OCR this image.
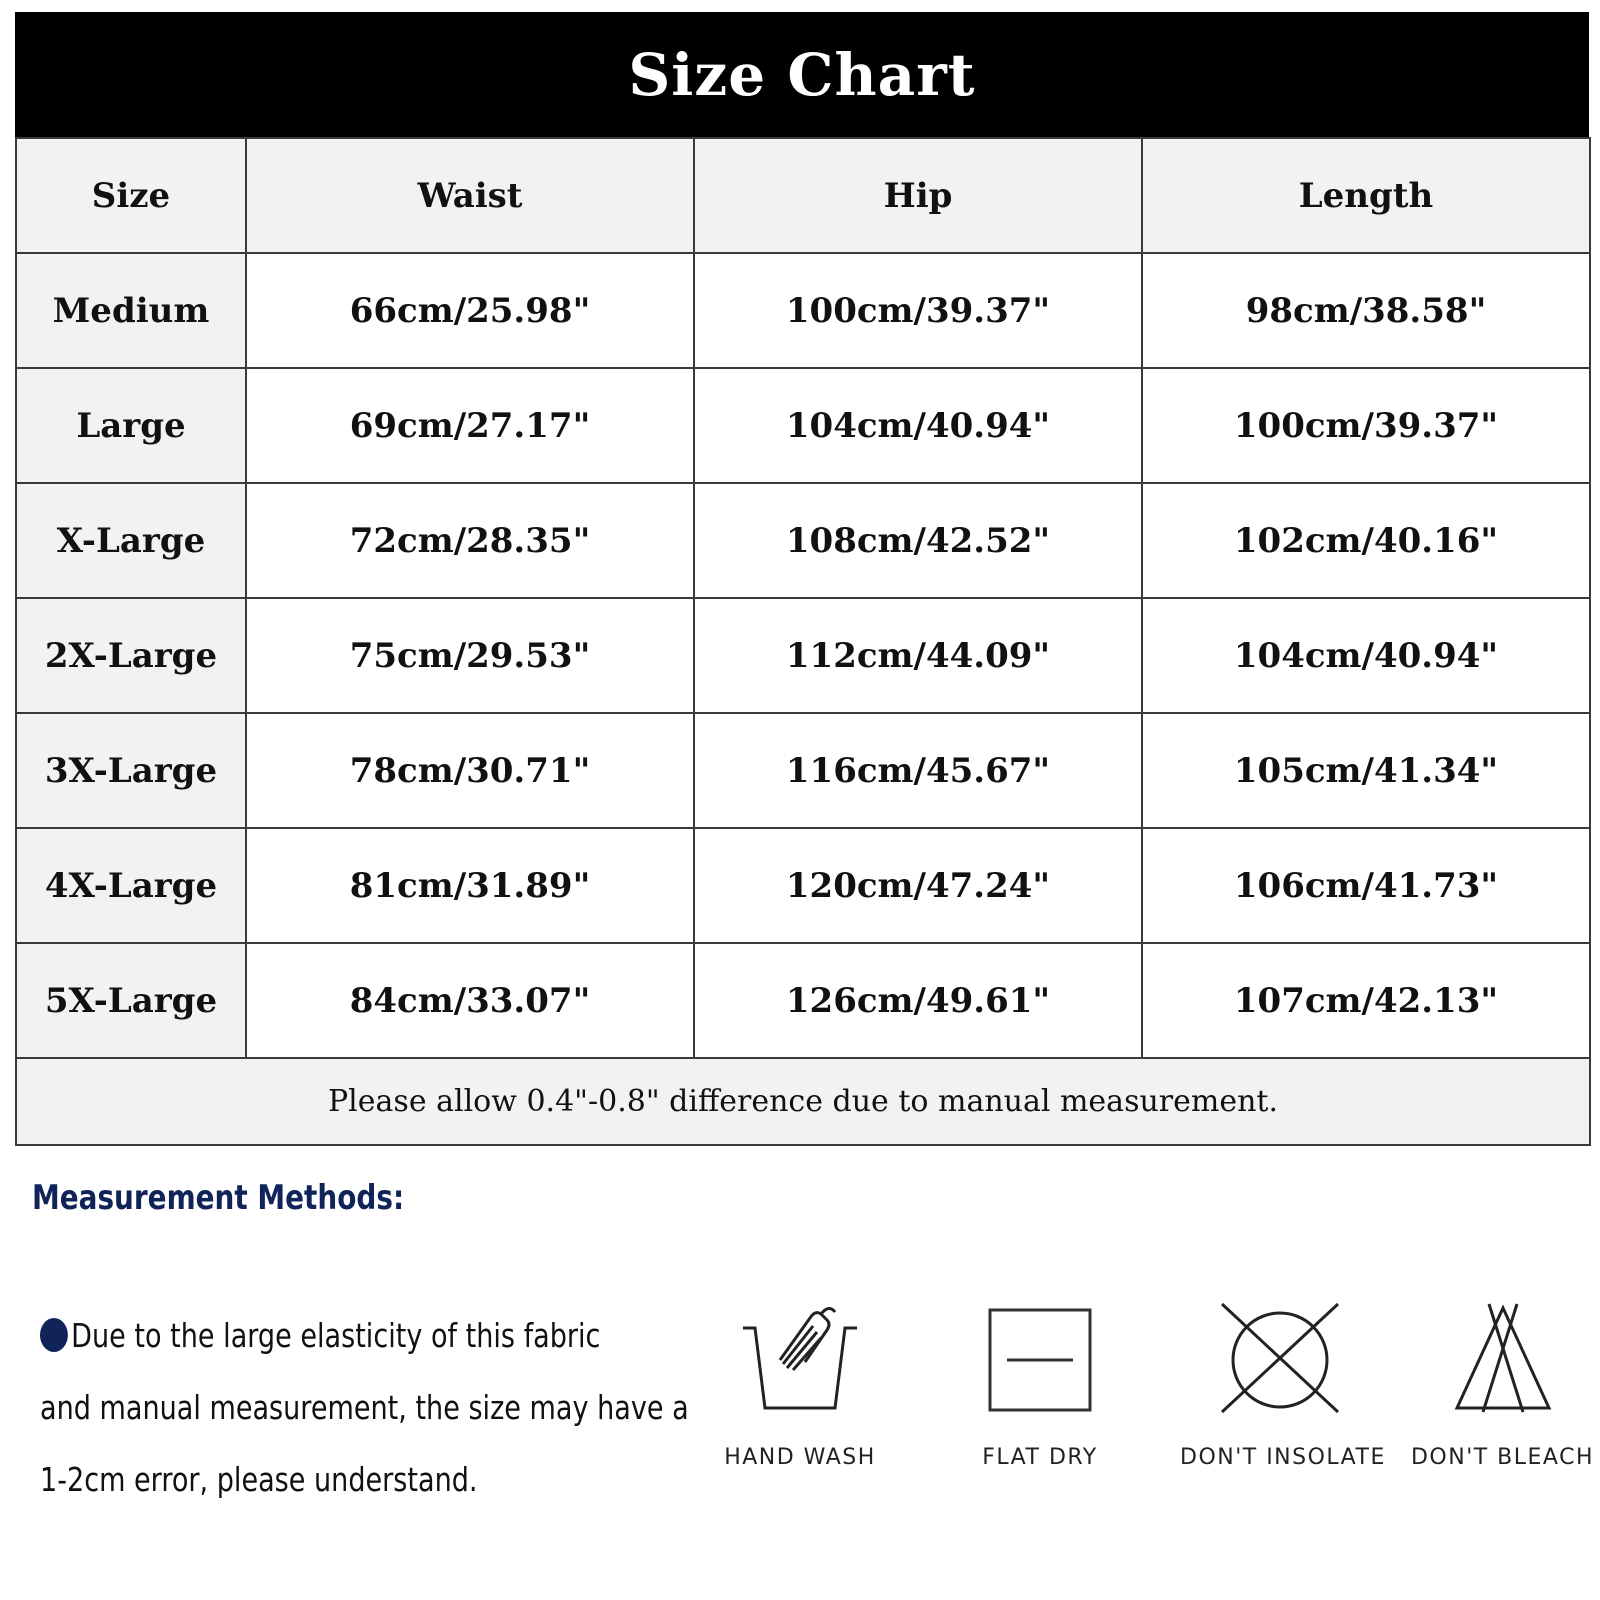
Size Chart
Size	Waist	Hip	Length
Medium	66cm/25.98"	100cm/39.37"	98cm/38.58"
Large	69cm/27.17"	104cm/40.94"	100cm/39.37"
X-Large	72cm/28.35"	108cm/42.52"	102cm/40.16"
2X-Large	75cm/29.53"	112cm/44.09"	104cm/40.94"
3X-Large	78cm/30.71"	116cm/45.67"	105cm/41.34"
4X-Large	81cm/31.89"	120cm/47.24"	106cm/41.73"
5X-Large	84cm/33.07"	126cm/49.61"	107cm/42.13"
Please allow 0.4"-0.8" difference due to manual measurement.			
Measurement Methods:
Due to the large elasticity of this fabric
and manual measurement, the size may have a
1-2cm error, please understand.
HAND WASH	FLAT DRY	DON'T INSOLATE DON'T BLEACH
